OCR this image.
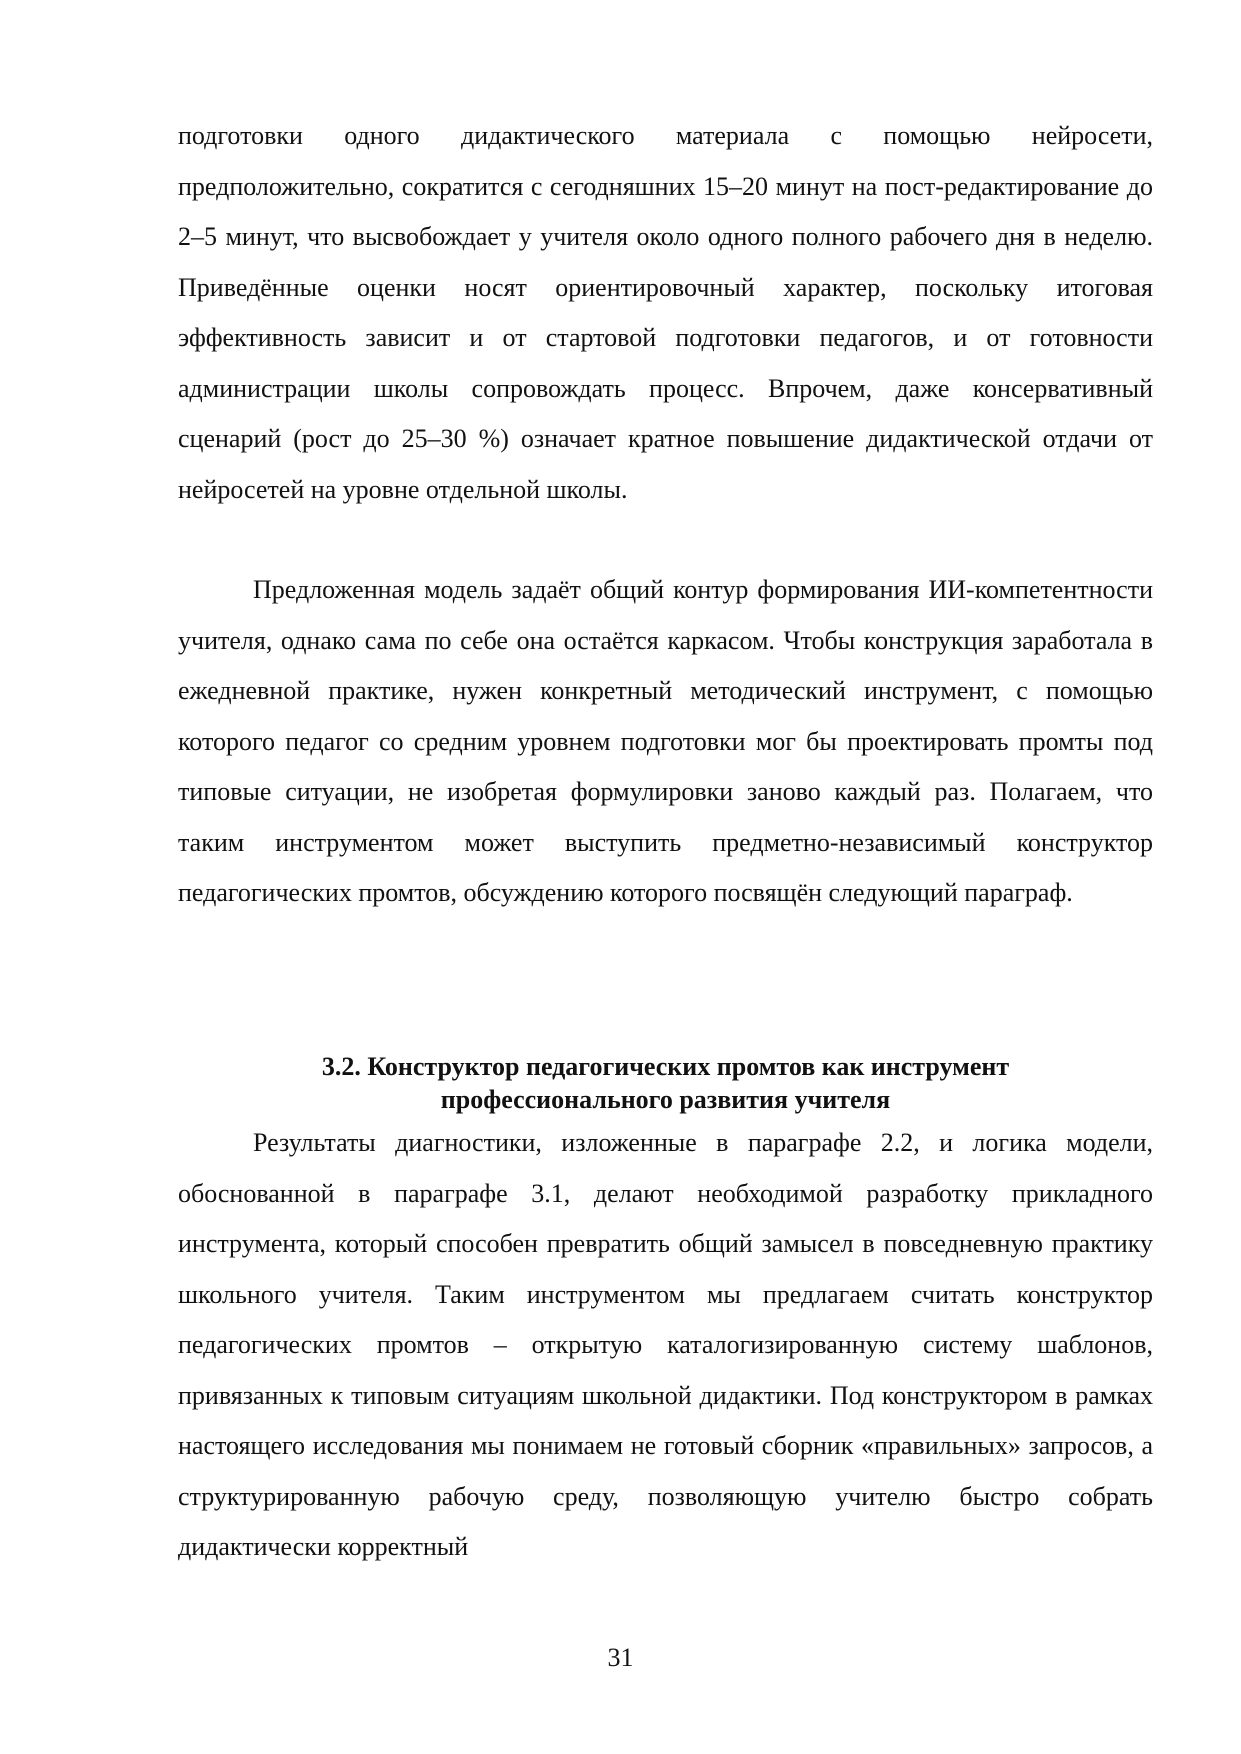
подготовки одного дидактического материала с помощью нейросети, предположительно, сократится с сегодняшних 15–20 минут на пост-редактирование до 2–5 минут, что высвобождает у учителя около одного полного рабочего дня в неделю. Приведённые оценки носят ориентировочный характер, поскольку итоговая эффективность зависит и от стартовой подготовки педагогов, и от готовности администрации школы сопровождать процесс. Впрочем, даже консервативный сценарий (рост до 25–30 %) означает кратное повышение дидактической отдачи от нейросетей на уровне отдельной школы.

Предложенная модель задаёт общий контур формирования ИИ-компетентности учителя, однако сама по себе она остаётся каркасом. Чтобы конструкция заработала в ежедневной практике, нужен конкретный методический инструмент, с помощью которого педагог со средним уровнем подготовки мог бы проектировать промты под типовые ситуации, не изобретая формулировки заново каждый раз. Полагаем, что таким инструментом может выступить предметно-независимый конструктор педагогических промтов, обсуждению которого посвящён следующий параграф.

3.2. Конструктор педагогических промтов как инструмент
профессионального развития учителя

Результаты диагностики, изложенные в параграфе 2.2, и логика модели, обоснованной в параграфе 3.1, делают необходимой разработку прикладного инструмента, который способен превратить общий замысел в повседневную практику школьного учителя. Таким инструментом мы предлагаем считать конструктор педагогических промтов – открытую каталогизированную систему шаблонов, привязанных к типовым ситуациям школьной дидактики. Под конструктором в рамках настоящего исследования мы понимаем не готовый сборник «правильных» запросов, а структурированную рабочую среду, позволяющую учителю быстро собрать дидактически корректный

31
